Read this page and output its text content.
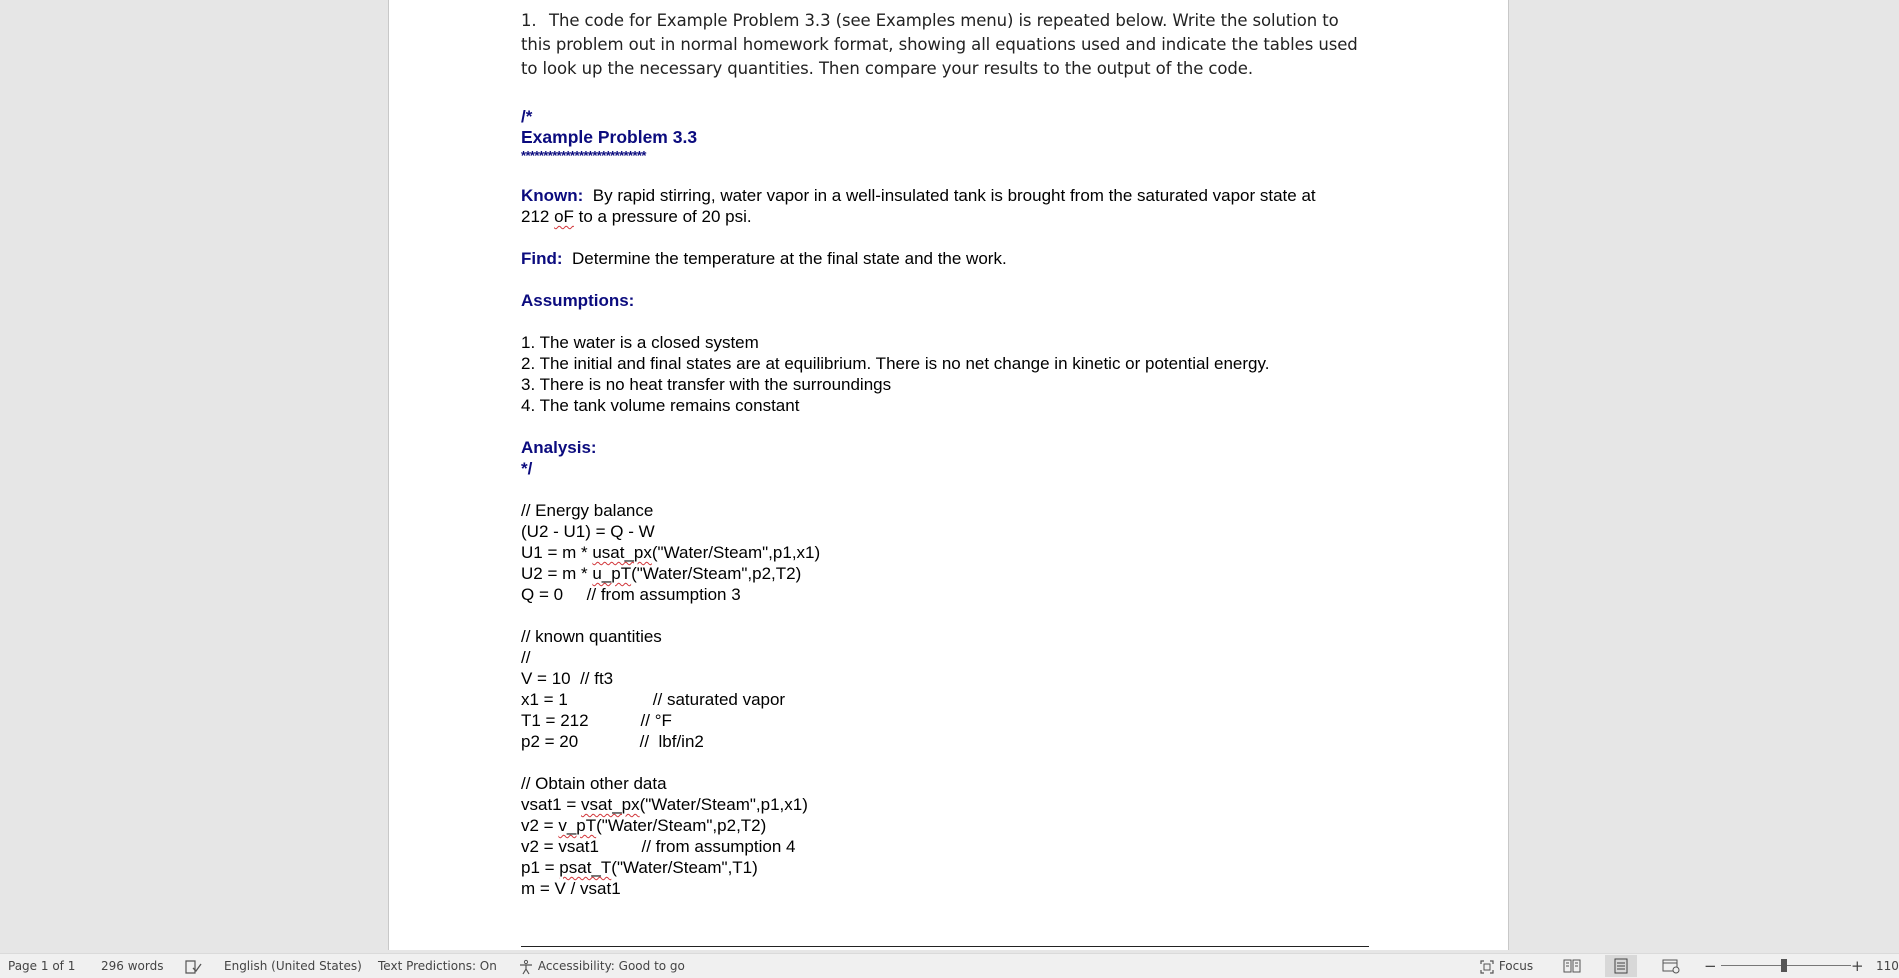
1. The code for Example Problem 3.3 (see Examples menu) is repeated below. Write the solution to
this problem out in normal homework format, showing all equations used and indicate the tables used
to look up the necessary quantities. Then compare your results to the output of the code.
/*
Example Problem 3.3
****************************
Known:  By rapid stirring, water vapor in a well-insulated tank is brought from the saturated vapor state at
212 oF to a pressure of 20 psi.
Find:  Determine the temperature at the final state and the work.
Assumptions:
1. The water is a closed system
2. The initial and final states are at equilibrium. There is no net change in kinetic or potential energy.
3. There is no heat transfer with the surroundings
4. The tank volume remains constant
Analysis:
*/
// Energy balance
(U2 - U1) = Q - W
U1 = m * usat_px("Water/Steam",p1,x1)
U2 = m * u_pT("Water/Steam",p2,T2)
Q = 0     // from assumption 3
// known quantities
//
V = 10  // ft3
x1 = 1                  // saturated vapor
T1 = 212           // °F
p2 = 20             //  lbf/in2
// Obtain other data
vsat1 = vsat_px("Water/Steam",p1,x1)
v2 = v_pT("Water/Steam",p2,T2)
v2 = vsat1         // from assumption 4
p1 = psat_T("Water/Steam",T1)
m = V / vsat1
Page 1 of 1 296 words	English (United States) Text Predictions: On	Accessibility: Good to go	Focus	−	+ 110
